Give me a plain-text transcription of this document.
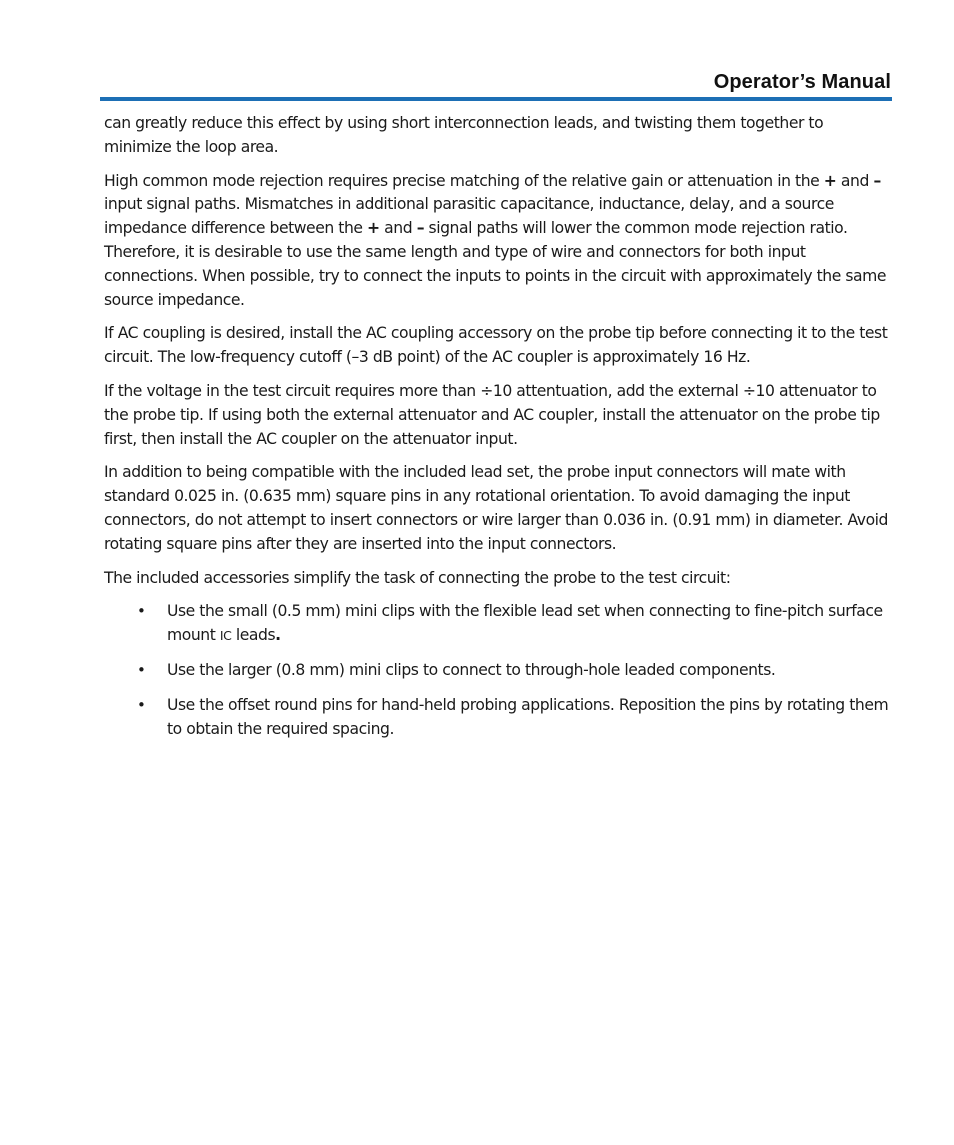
Operator’s Manual

can greatly reduce this effect by using short interconnection leads, and twisting them together to minimize the loop area.

High common mode rejection requires precise matching of the relative gain or attenuation in the + and – input signal paths. Mismatches in additional parasitic capacitance, inductance, delay, and a source impedance difference between the + and – signal paths will lower the common mode rejection ratio. Therefore, it is desirable to use the same length and type of wire and connectors for both input connections. When possible, try to connect the inputs to points in the circuit with approximately the same source impedance.

If AC coupling is desired, install the AC coupling accessory on the probe tip before connecting it to the test circuit. The low-frequency cutoff (–3 dB point) of the AC coupler is approximately 16 Hz.

If the voltage in the test circuit requires more than ÷10 attentuation, add the external ÷10 attenuator to the probe tip. If using both the external attenuator and AC coupler, install the attenuator on the probe tip first, then install the AC coupler on the attenuator input.

In addition to being compatible with the included lead set, the probe input connectors will mate with standard 0.025 in. (0.635 mm) square pins in any rotational orientation. To avoid damaging the input connectors, do not attempt to insert connectors or wire larger than 0.036 in. (0.91 mm) in diameter. Avoid rotating square pins after they are inserted into the input connectors.

The included accessories simplify the task of connecting the probe to the test circuit:

• Use the small (0.5 mm) mini clips with the flexible lead set when connecting to fine-pitch surface mount IC leads.
• Use the larger (0.8 mm) mini clips to connect to through-hole leaded components.
• Use the offset round pins for hand-held probing applications. Reposition the pins by rotating them to obtain the required spacing.
